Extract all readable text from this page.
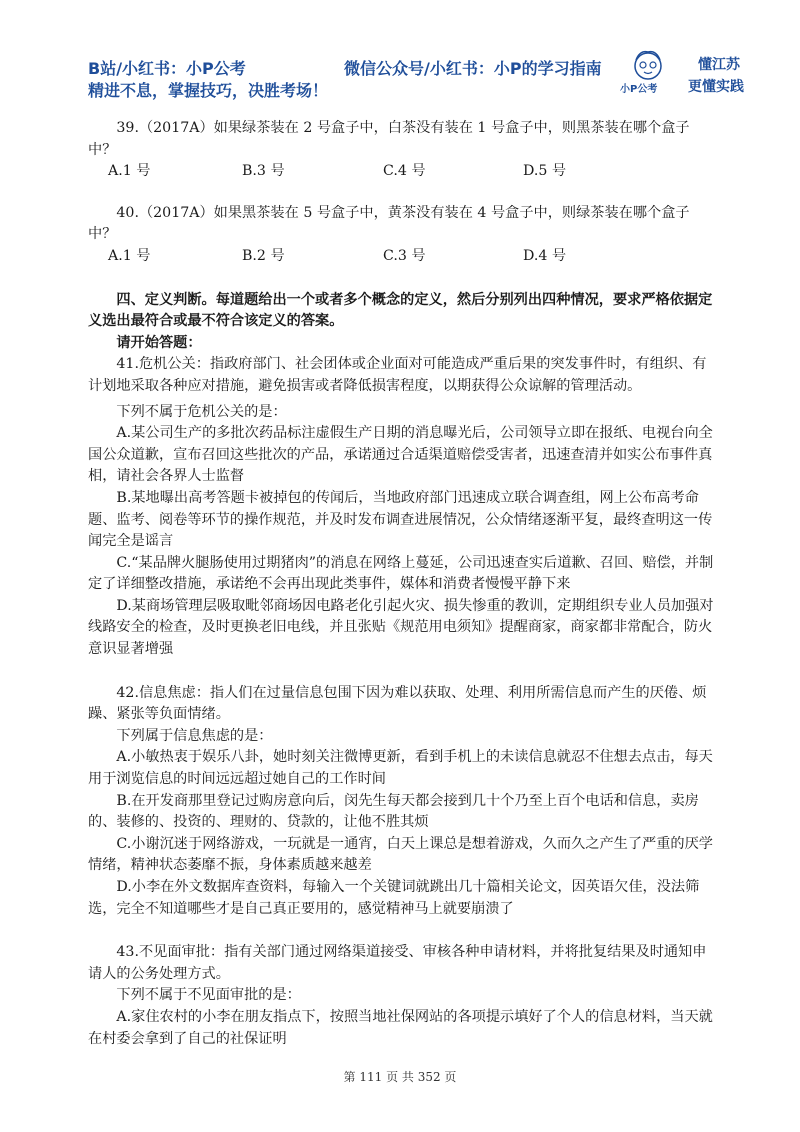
B站/小红书：小P公考
精进不息，掌握技巧，决胜考场！
微信公众号/小红书：小P的学习指南
小P公考
懂江苏
更懂实践

39.（2017A）如果绿茶装在 2 号盒子中，白茶没有装在 1 号盒子中，则黑茶装在哪个盒子中？

A.1 号	B.3 号	C.4 号	D.5 号

40.（2017A）如果黑茶装在 5 号盒子中，黄茶没有装在 4 号盒子中，则绿茶装在哪个盒子中？

A.1 号	B.2 号	C.3 号	D.4 号

四、定义判断。每道题给出一个或者多个概念的定义，然后分别列出四种情况，要求严格依据定义选出最符合或最不符合该定义的答案。

请开始答题：

41.危机公关：指政府部门、社会团体或企业面对可能造成严重后果的突发事件时，有组织、有计划地采取各种应对措施，避免损害或者降低损害程度，以期获得公众谅解的管理活动。

下列不属于危机公关的是：

A.某公司生产的多批次药品标注虚假生产日期的消息曝光后，公司领导立即在报纸、电视台向全国公众道歉，宣布召回这些批次的产品，承诺通过合适渠道赔偿受害者，迅速查清并如实公布事件真相，请社会各界人士监督

B.某地曝出高考答题卡被掉包的传闻后，当地政府部门迅速成立联合调查组，网上公布高考命题、监考、阅卷等环节的操作规范，并及时发布调查进展情况，公众情绪逐渐平复，最终查明这一传闻完全是谣言

C.“某品牌火腿肠使用过期猪肉”的消息在网络上蔓延，公司迅速查实后道歉、召回、赔偿，并制定了详细整改措施，承诺绝不会再出现此类事件，媒体和消费者慢慢平静下来

D.某商场管理层吸取毗邻商场因电路老化引起火灾、损失惨重的教训，定期组织专业人员加强对线路安全的检查，及时更换老旧电线，并且张贴《规范用电须知》提醒商家，商家都非常配合，防火意识显著增强

42.信息焦虑：指人们在过量信息包围下因为难以获取、处理、利用所需信息而产生的厌倦、烦躁、紧张等负面情绪。

下列属于信息焦虑的是：

A.小敏热衷于娱乐八卦，她时刻关注微博更新，看到手机上的未读信息就忍不住想去点击，每天用于浏览信息的时间远远超过她自己的工作时间

B.在开发商那里登记过购房意向后，闵先生每天都会接到几十个乃至上百个电话和信息，卖房的、装修的、投资的、理财的、贷款的，让他不胜其烦

C.小谢沉迷于网络游戏，一玩就是一通宵，白天上课总是想着游戏，久而久之产生了严重的厌学情绪，精神状态萎靡不振，身体素质越来越差

D.小李在外文数据库查资料，每输入一个关键词就跳出几十篇相关论文，因英语欠佳，没法筛选，完全不知道哪些才是自己真正要用的，感觉精神马上就要崩溃了

43.不见面审批：指有关部门通过网络渠道接受、审核各种申请材料，并将批复结果及时通知申请人的公务处理方式。

下列不属于不见面审批的是：

A.家住农村的小李在朋友指点下，按照当地社保网站的各项提示填好了个人的信息材料，当天就在村委会拿到了自己的社保证明

第 111 页 共 352 页
